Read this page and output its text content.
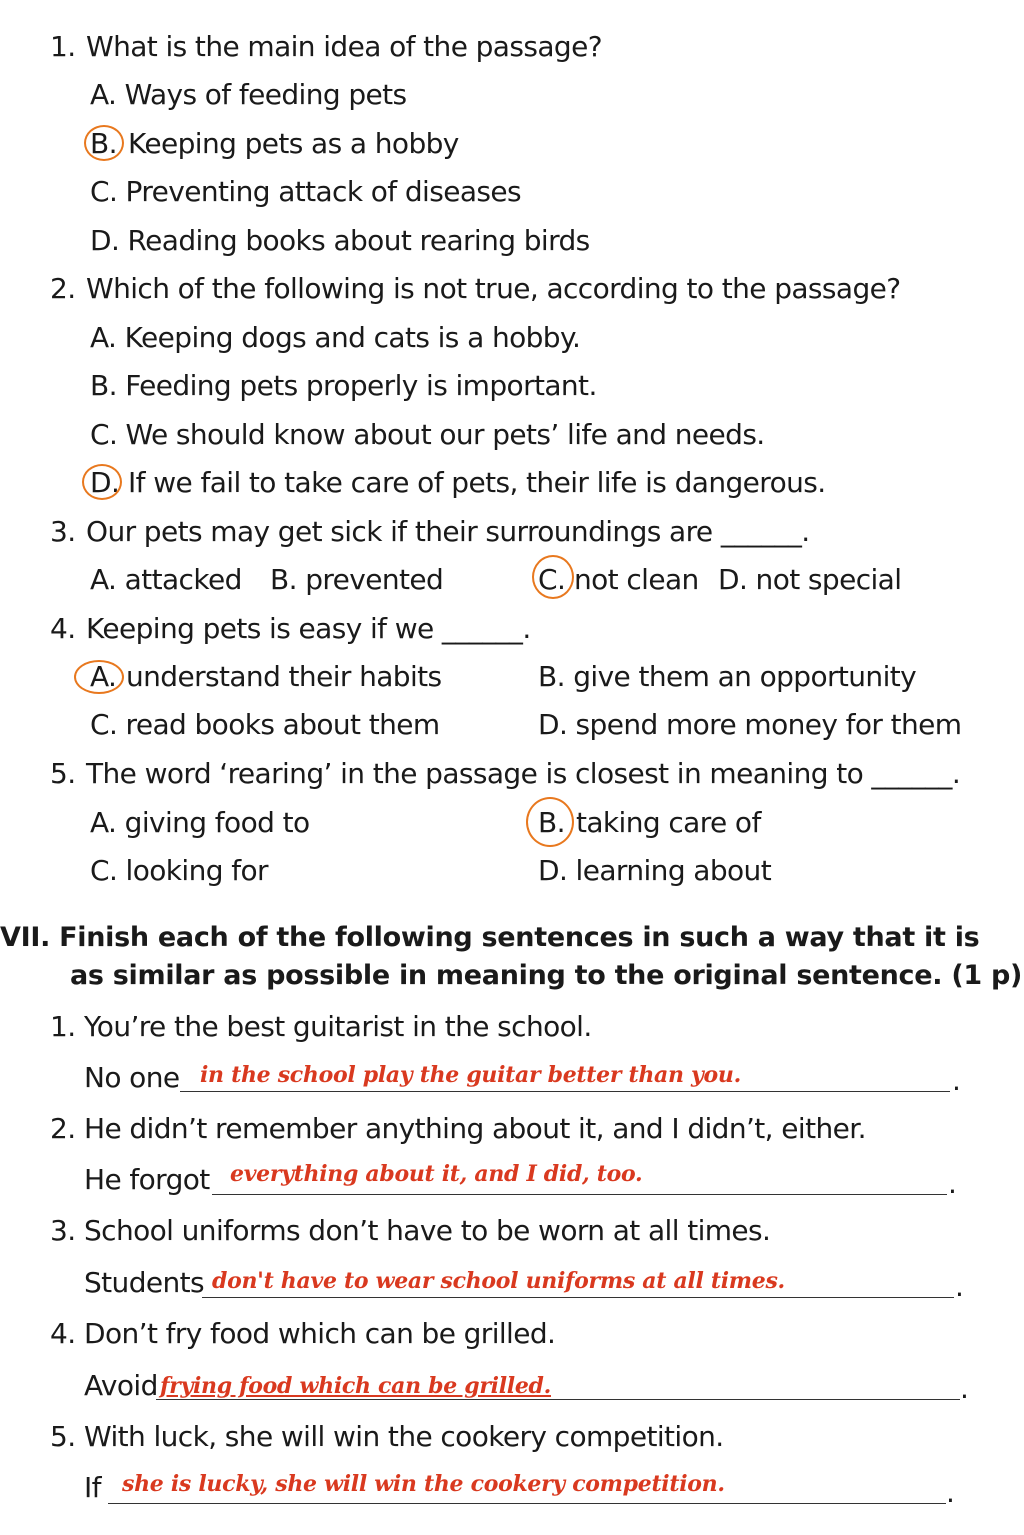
1. What is the main idea of the passage?
A. Ways of feeding pets
B. Keeping pets as a hobby
C. Preventing attack of diseases
D. Reading books about rearing birds
2. Which of the following is not true, according to the passage?
A. Keeping dogs and cats is a hobby.
B. Feeding pets properly is important.
C. We should know about our pets’ life and needs.
D. If we fail to take care of pets, their life is dangerous.
3. Our pets may get sick if their surroundings are ______.
A. attacked B. prevented	C. not clean D. not special
4. Keeping pets is easy if we ______.
A. understand their habits	B. give them an opportunity
C. read books about them	D. spend more money for them
5. The word ‘rearing’ in the passage is closest in meaning to ______.
A. giving food to	B. taking care of
C. looking for	D. learning about
VII. Finish each of the following sentences in such a way that it is
as similar as possible in meaning to the original sentence. (1 p)
1. You’re the best guitarist in the school.
No one in the school play the guitar better than you.	.
2. He didn’t remember anything about it, and I didn’t, either.
He forgot everything about it, and I did, too.	.
3. School uniforms don’t have to be worn at all times.
Students don't have to wear school uniforms at all times.	.
4. Don’t fry food which can be grilled.
Avoid frying food which can be grilled.	.
5. With luck, she will win the cookery competition.
If she is lucky, she will win the cookery competition.	.
